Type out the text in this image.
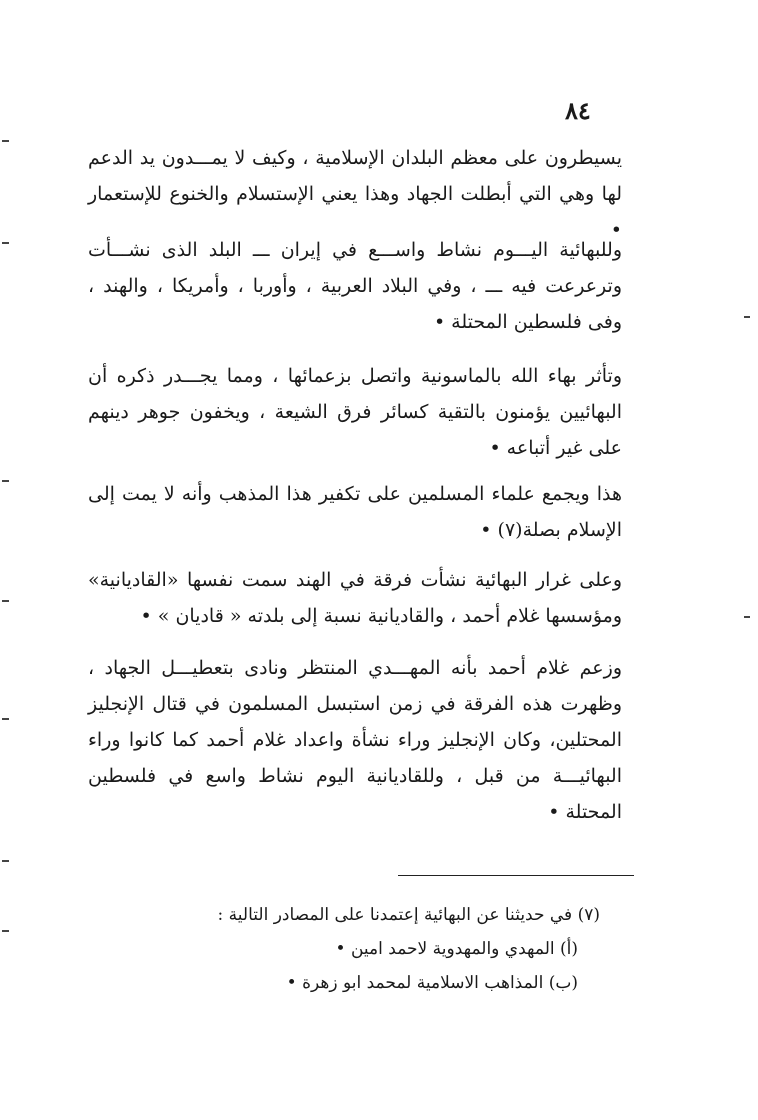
٨٤

يسيطرون على معظم البلدان الإسلامية ، وكيف لا يمـــدون يد الدعم لها وهي التي أبطلت الجهاد وهذا يعني الإستسلام والخنوع للإستعمار •

وللبهائية اليـــوم نشاط واســـع في إيران ـــ البلد الذى نشـــأت وترعرعت فيه ـــ ، وفي البلاد العربية ، وأوربا ، وأمريكا ، والهند ، وفى فلسطين المحتلة •

وتأثر بهاء الله بالماسونية واتصل بزعمائها ، ومما يجـــدر ذكره أن البهائيين يؤمنون بالتقية كسائر فرق الشيعة ، ويخفون جوهر دينهم على غير أتباعه •

هذا ويجمع علماء المسلمين على تكفير هذا المذهب وأنه لا يمت إلى الإسلام بصلة(٧) •

وعلى غرار البهائية نشأت فرقة في الهند سمت نفسها «القاديانية» ومؤسسها غلام أحمد ، والقاديانية نسبة إلى بلدته « قاديان » •

وزعم غلام أحمد بأنه المهـــدي المنتظر ونادى بتعطيـــل الجهاد ، وظهرت هذه الفرقة في زمن استبسل المسلمون في قتال الإنجليز المحتلين، وكان الإنجليز وراء نشأة واعداد غلام أحمد كما كانوا وراء البهائيـــة من قبل ، وللقاديانية اليوم نشاط واسع في فلسطين المحتلة •

(٧) في حديثنا عن البهائية إعتمدنا على المصادر التالية :
(أ) المهدي والمهدوية لاحمد امين •
(ب) المذاهب الاسلامية لمحمد ابو زهرة •
